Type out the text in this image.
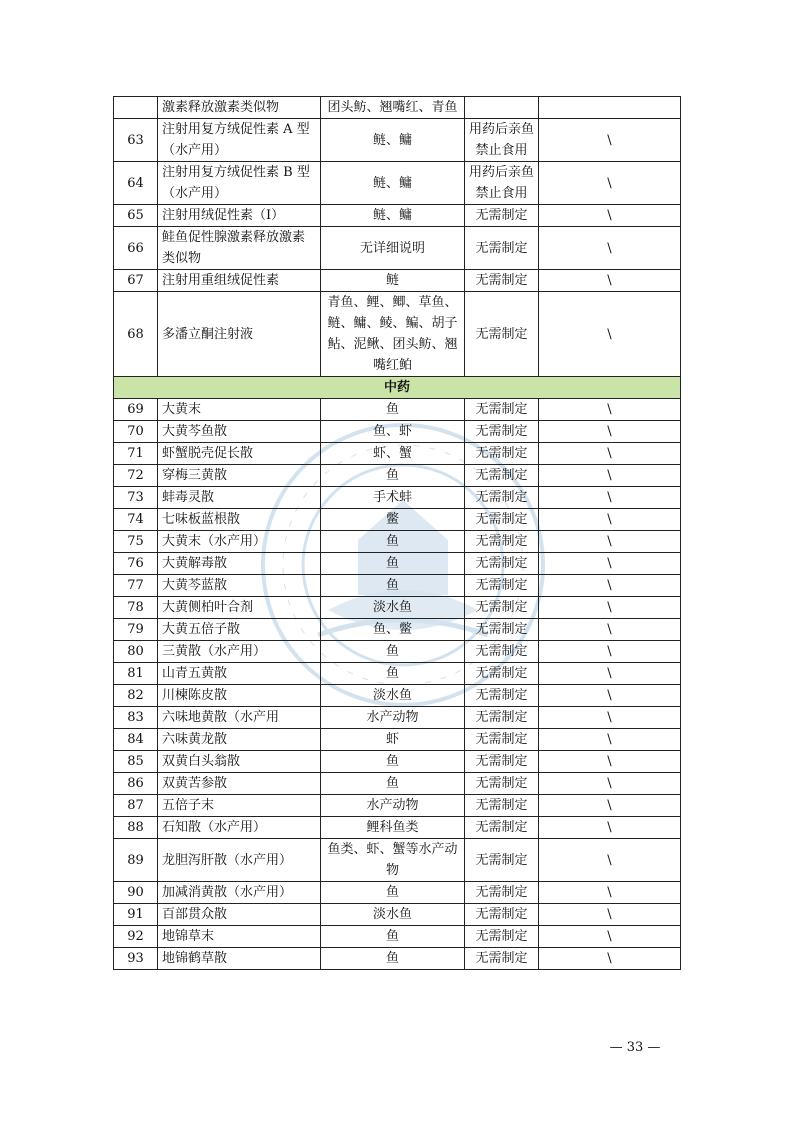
	激素释放激素类似物	团头鲂、翘嘴红、青鱼		
63	注射用复方绒促性素 A 型（水产用）	鲢、鳙	用药后亲鱼禁止食用	\
64	注射用复方绒促性素 B 型（水产用）	鲢、鳙	用药后亲鱼禁止食用	\
65	注射用绒促性素（I）	鲢、鳙	无需制定	\
66	鲑鱼促性腺激素释放激素类似物	无详细说明	无需制定	\
67	注射用重组绒促性素	鲢	无需制定	\
68	多潘立酮注射液	青鱼、鲤、鲫、草鱼、鲢、鳙、鲮、鳊、胡子鲇、泥鳅、团头鲂、翘嘴红鲌	无需制定	\
中药				
69	大黄末	鱼	无需制定	\
70	大黄芩鱼散	鱼、虾	无需制定	\
71	虾蟹脱壳促长散	虾、蟹	无需制定	\
72	穿梅三黄散	鱼	无需制定	\
73	蚌毒灵散	手术蚌	无需制定	\
74	七味板蓝根散	鳖	无需制定	\
75	大黄末（水产用）	鱼	无需制定	\
76	大黄解毒散	鱼	无需制定	\
77	大黄芩蓝散	鱼	无需制定	\
78	大黄侧柏叶合剂	淡水鱼	无需制定	\
79	大黄五倍子散	鱼、鳖	无需制定	\
80	三黄散（水产用）	鱼	无需制定	\
81	山青五黄散	鱼	无需制定	\
82	川楝陈皮散	淡水鱼	无需制定	\
83	六味地黄散（水产用	水产动物	无需制定	\
84	六味黄龙散	虾	无需制定	\
85	双黄白头翁散	鱼	无需制定	\
86	双黄苦参散	鱼	无需制定	\
87	五倍子末	水产动物	无需制定	\
88	石知散（水产用）	鲤科鱼类	无需制定	\
89	龙胆泻肝散（水产用）	鱼类、虾、蟹等水产动物	无需制定	\
90	加减消黄散（水产用）	鱼	无需制定	\
91	百部贯众散	淡水鱼	无需制定	\
92	地锦草末	鱼	无需制定	\
93	地锦鹤草散	鱼	无需制定	\
— 33 —
